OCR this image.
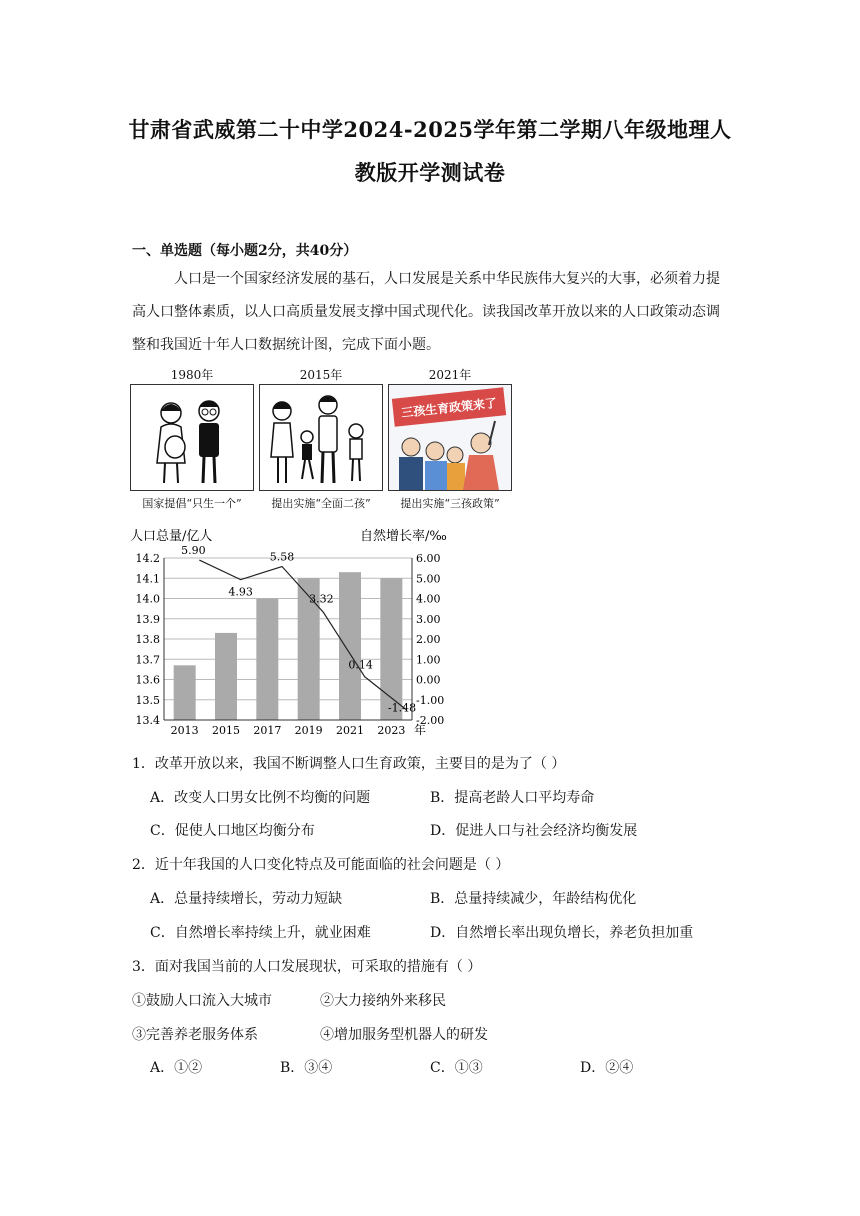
甘肃省武威第二十中学2024-2025学年第二学期八年级地理人
教版开学测试卷
一、单选题（每小题2分，共40分）
人口是一个国家经济发展的基石，人口发展是关系中华民族伟大复兴的大事，必须着力提高人口整体素质，以人口高质量发展支撑中国式现代化。读我国改革开放以来的人口政策动态调整和我国近十年人口数据统计图，完成下面小题。
1980年
国家提倡“只生一个”
2015年
提出实施“全面二孩”
2021年
三孩生育政策来了
提出实施“三孩政策”
人口总量/亿人	自然增长率/‰
14.2	6.00
14.1	5.00
14.0	4.00
13.9	3.00
13.8	2.00
13.7	1.00
13.6	0.00
13.5	-1.00
13.4	-2.00
2013 2015 2017 2019 2021 2023 年
5.90
4.93
5.58
3.32
0.14
-1.48
1．改革开放以来，我国不断调整人口生育政策，主要目的是为了（ ）
A．改变人口男女比例不均衡的问题	B．提高老龄人口平均寿命
C．促使人口地区均衡分布	D．促进人口与社会经济均衡发展
2．近十年我国的人口变化特点及可能面临的社会问题是（ ）
A．总量持续增长，劳动力短缺	B．总量持续减少，年龄结构优化
C．自然增长率持续上升，就业困难	D．自然增长率出现负增长，养老负担加重
3．面对我国当前的人口发展现状，可采取的措施有（ ）
①鼓励人口流入大城市	②大力接纳外来移民
③完善养老服务体系	④增加服务型机器人的研发
A．①②	B．③④	C．①③	D．②④
